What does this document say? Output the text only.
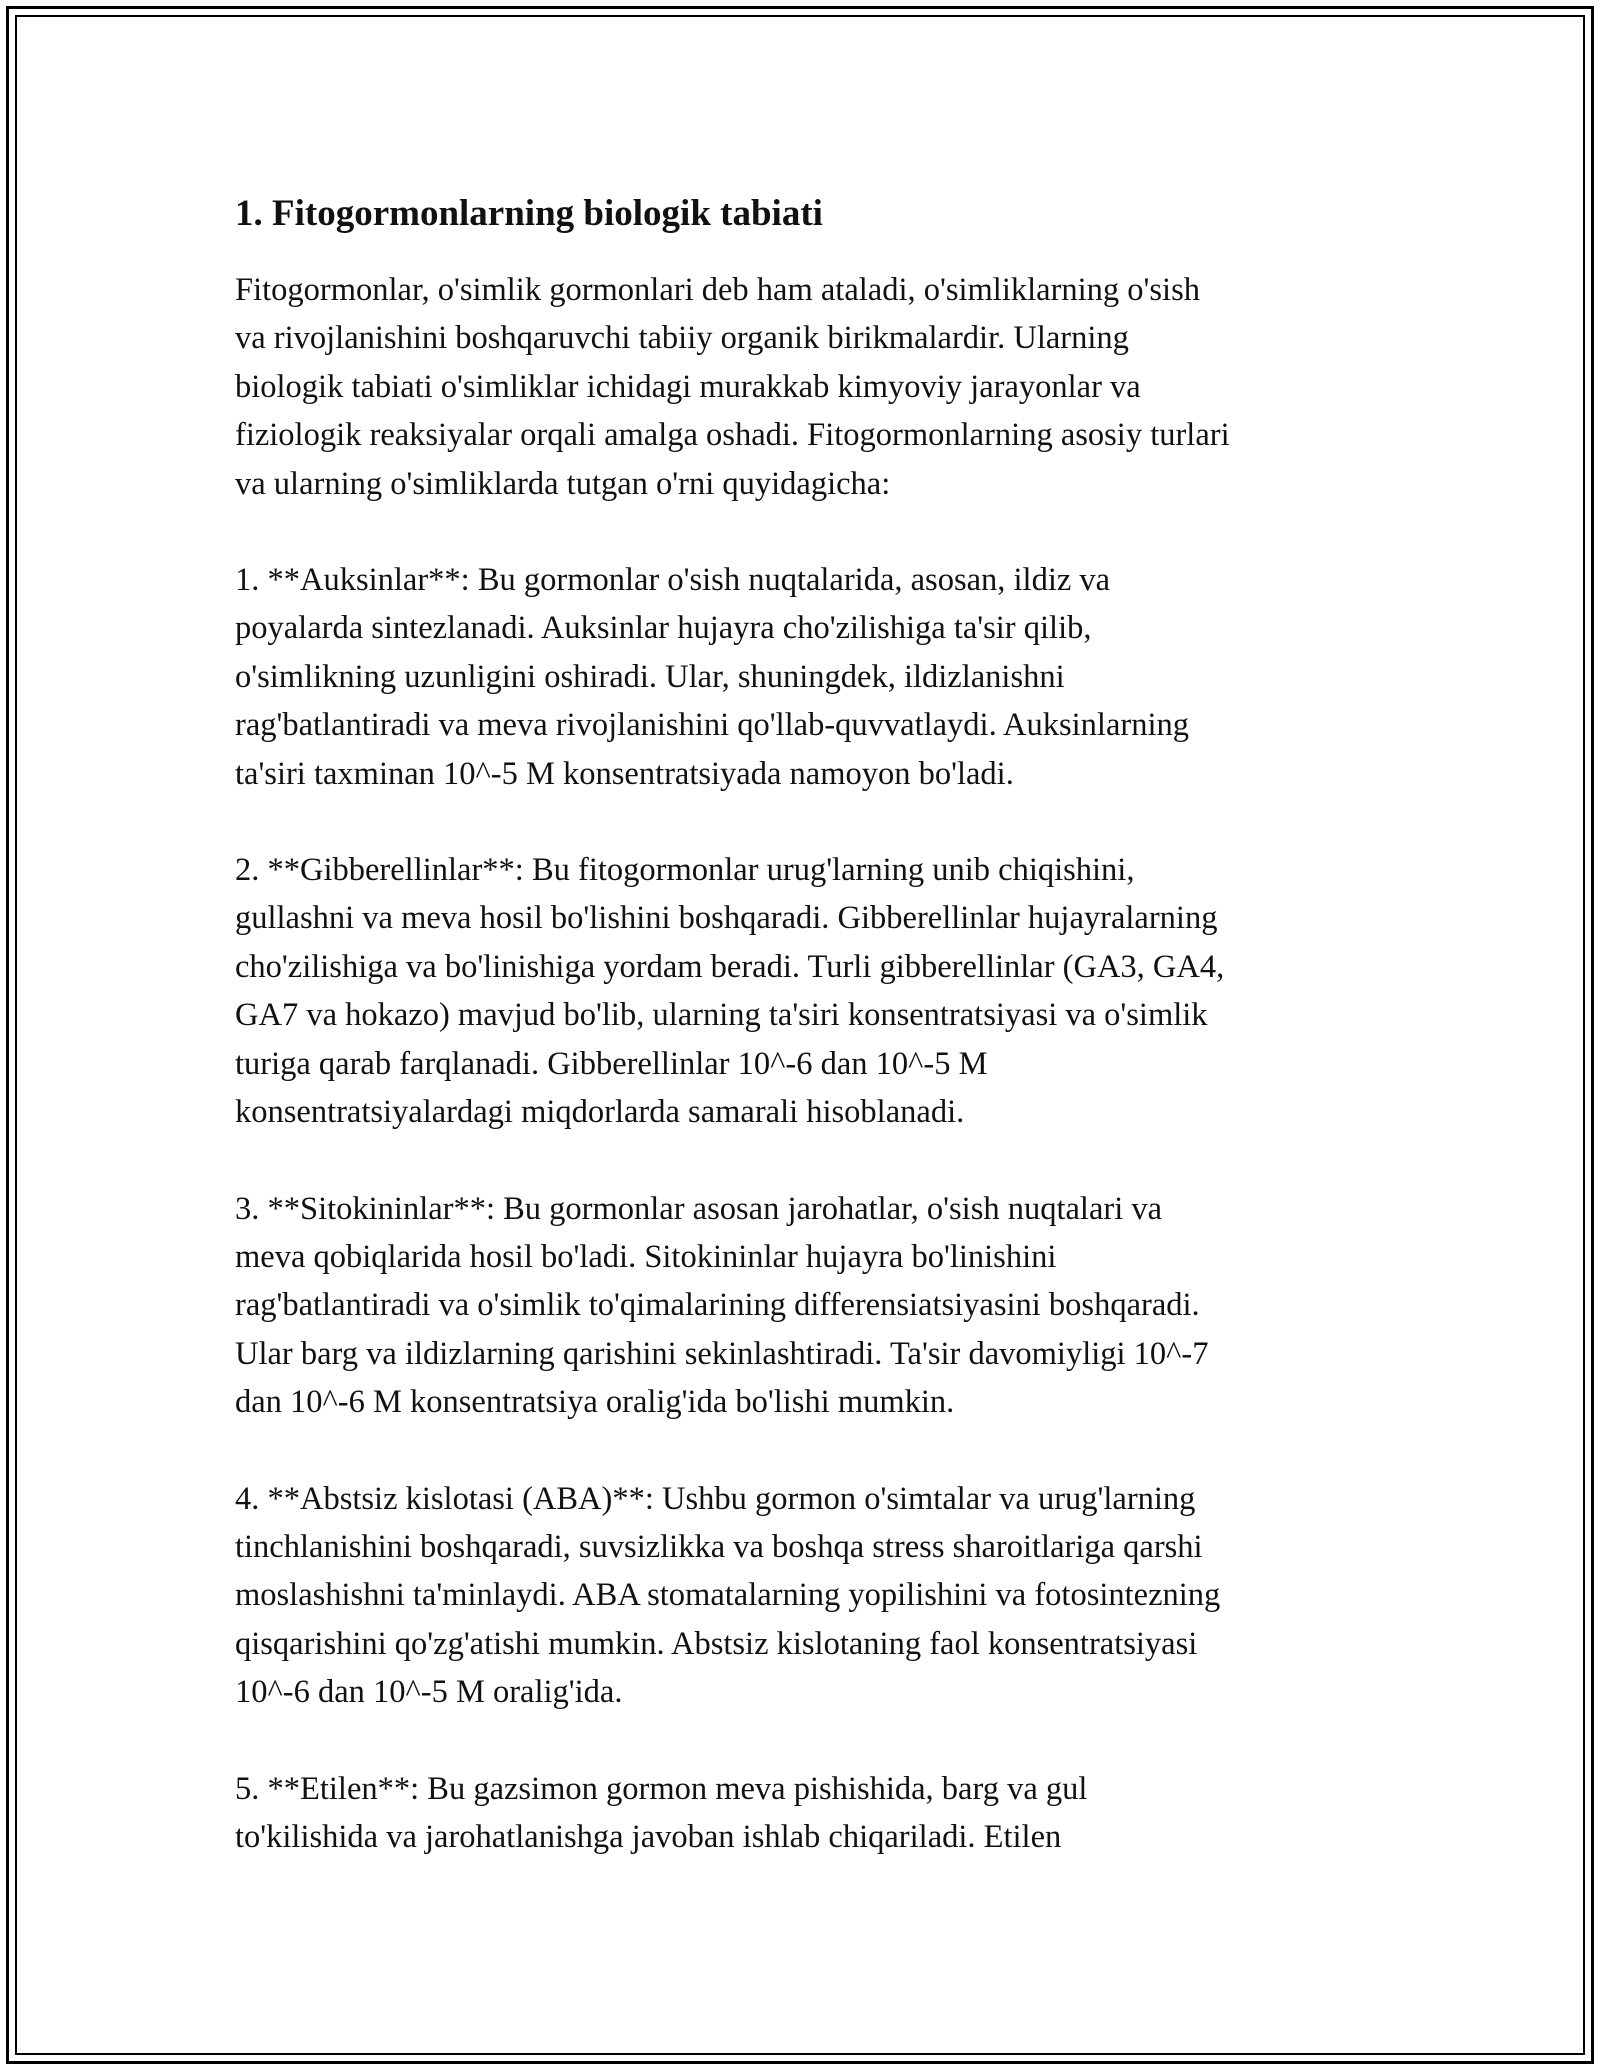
1. Fitogormonlarning biologik tabiati

Fitogormonlar, o'simlik gormonlari deb ham ataladi, o'simliklarning o'sish
va rivojlanishini boshqaruvchi tabiiy organik birikmalardir. Ularning
biologik tabiati o'simliklar ichidagi murakkab kimyoviy jarayonlar va
fiziologik reaksiyalar orqali amalga oshadi. Fitogormonlarning asosiy turlari
va ularning o'simliklarda tutgan o'rni quyidagicha:

1. **Auksinlar**: Bu gormonlar o'sish nuqtalarida, asosan, ildiz va
poyalarda sintezlanadi. Auksinlar hujayra cho'zilishiga ta'sir qilib,
o'simlikning uzunligini oshiradi. Ular, shuningdek, ildizlanishni
rag'batlantiradi va meva rivojlanishini qo'llab-quvvatlaydi. Auksinlarning
ta'siri taxminan 10^-5 M konsentratsiyada namoyon bo'ladi.

2. **Gibberellinlar**: Bu fitogormonlar urug'larning unib chiqishini,
gullashni va meva hosil bo'lishini boshqaradi. Gibberellinlar hujayralarning
cho'zilishiga va bo'linishiga yordam beradi. Turli gibberellinlar (GA3, GA4,
GA7 va hokazo) mavjud bo'lib, ularning ta'siri konsentratsiyasi va o'simlik
turiga qarab farqlanadi. Gibberellinlar 10^-6 dan 10^-5 M
konsentratsiyalardagi miqdorlarda samarali hisoblanadi.

3. **Sitokininlar**: Bu gormonlar asosan jarohatlar, o'sish nuqtalari va
meva qobiqlarida hosil bo'ladi. Sitokininlar hujayra bo'linishini
rag'batlantiradi va o'simlik to'qimalarining differensiatsiyasini boshqaradi.
Ular barg va ildizlarning qarishini sekinlashtiradi. Ta'sir davomiyligi 10^-7
dan 10^-6 M konsentratsiya oralig'ida bo'lishi mumkin.

4. **Abstsiz kislotasi (ABA)**: Ushbu gormon o'simtalar va urug'larning
tinchlanishini boshqaradi, suvsizlikka va boshqa stress sharoitlariga qarshi
moslashishni ta'minlaydi. ABA stomatalarning yopilishini va fotosintezning
qisqarishini qo'zg'atishi mumkin. Abstsiz kislotaning faol konsentratsiyasi
10^-6 dan 10^-5 M oralig'ida.

5. **Etilen**: Bu gazsimon gormon meva pishishida, barg va gul
to'kilishida va jarohatlanishga javoban ishlab chiqariladi. Etilen
